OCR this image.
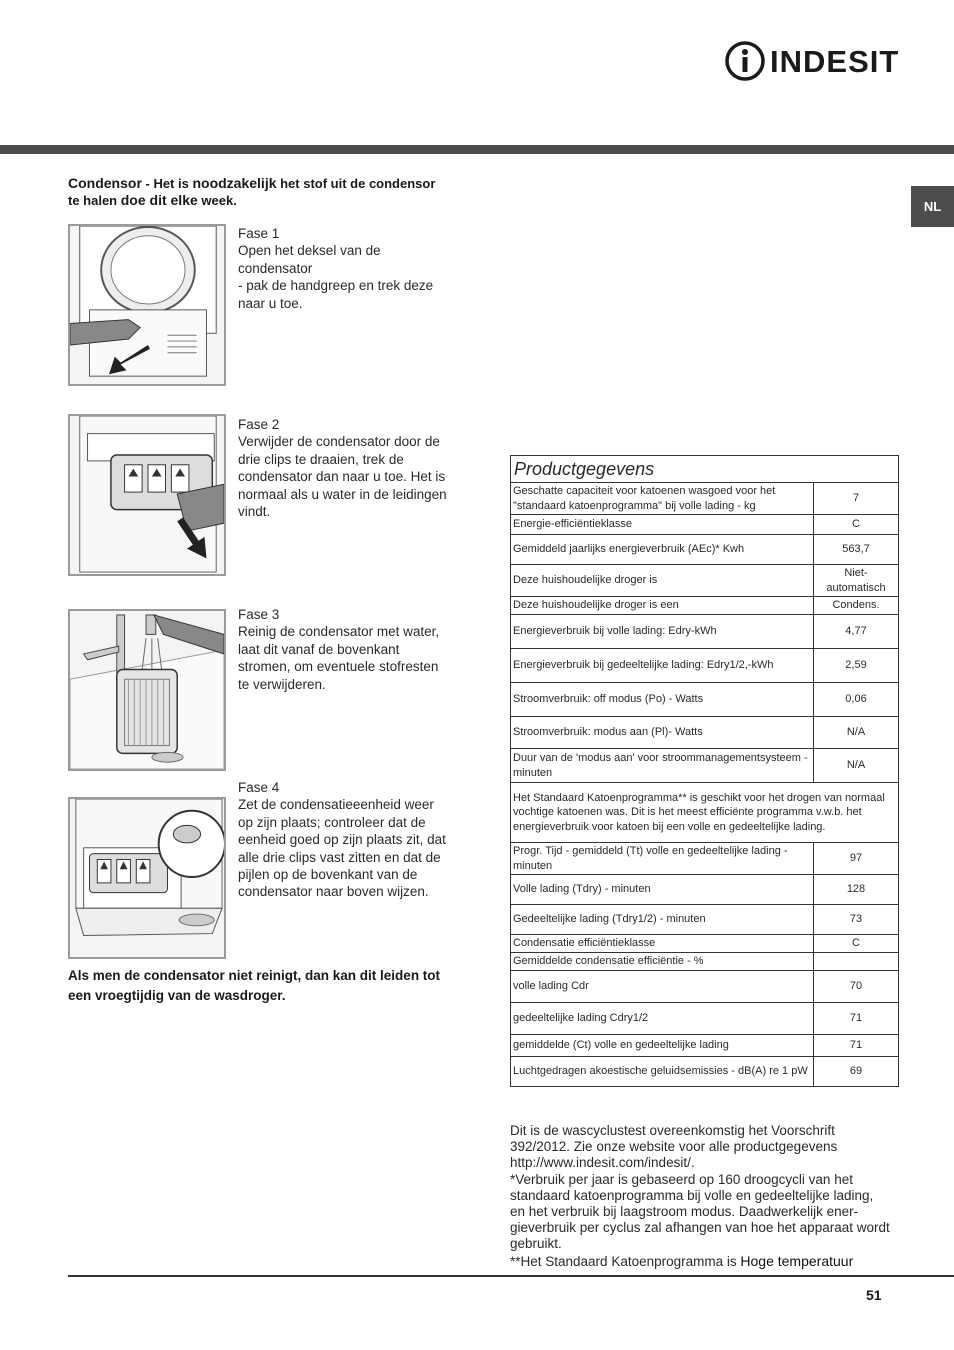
INDESIT
NL
Condensor - Het is noodzakelijk het stof uit de condensor te halen doe dit elke week.
Fase 1
Open het deksel van de condensator
- pak de handgreep en trek deze naar u toe.
Fase 2
Verwijder de condensator door de drie clips te draaien, trek de condensator dan naar u toe. Het is normaal als u water in de leidingen vindt.
Fase 3
Reinig de condensator met water, laat dit vanaf de bovenkant stromen, om eventuele stofresten te verwijderen.
Fase 4
Zet de condensatieeenheid weer op zijn plaats; controleer dat de eenheid goed op zijn plaats zit, dat alle drie clips vast zitten en dat de pijlen op de bovenkant van de condensator naar boven wijzen.
Als men de condensator niet reinigt, dan kan dit leiden tot een vroegtijdig van de wasdroger.
Productgegevens	
Geschatte capaciteit voor katoenen wasgoed voor het "standaard katoenprogramma" bij volle lading - kg	7
Energie-efficiëntieklasse	C
Gemiddeld jaarlijks energieverbruik (AEc)* Kwh	563,7
Deze huishoudelijke droger is	Niet-
automatisch
Deze huishoudelijke droger is een	Condens.
Energieverbruik bij volle lading: Edry-kWh	4,77
Energieverbruik bij gedeeltelijke lading: Edry1/2,-kWh	2,59
Stroomverbruik: off modus (Po) - Watts	0,06
Stroomverbruik: modus aan (Pl)- Watts	N/A
Duur van de 'modus aan' voor stroommanagementsysteem - minuten	N/A
Het Standaard Katoenprogramma** is geschikt voor het drogen van normaal vochtige katoenen was. Dit is het meest efficiënte programma v.w.b. het energieverbruik voor katoen bij een volle en gedeeltelijke lading.	
Progr. Tijd - gemiddeld (Tt) volle en gedeeltelijke lading - minuten	97
Volle lading (Tdry) - minuten	128
Gedeeltelijke lading (Tdry1/2) - minuten	73
Condensatie efficiëntieklasse	C
Gemiddelde condensatie efficiëntie - %	
volle lading Cdr	70
gedeeltelijke lading Cdry1/2	71
gemiddelde (Ct) volle en gedeeltelijke lading	71
Luchtgedragen akoestische geluidsemissies - dB(A) re 1 pW	69
Dit is de wascyclustest overeenkomstig het Voorschrift 392/2012. Zie onze website voor alle productgegevens http://www.indesit.com/indesit/.
*Verbruik per jaar is gebaseerd op 160 droogcycli van het standaard katoenprogramma bij volle en gedeeltelijke lading, en het verbruik bij laagstroom modus. Daadwerkelijk ener-gieverbruik per cyclus zal afhangen van hoe het apparaat wordt gebruikt.
**Het Standaard Katoenprogramma is Hoge temperatuur
51
